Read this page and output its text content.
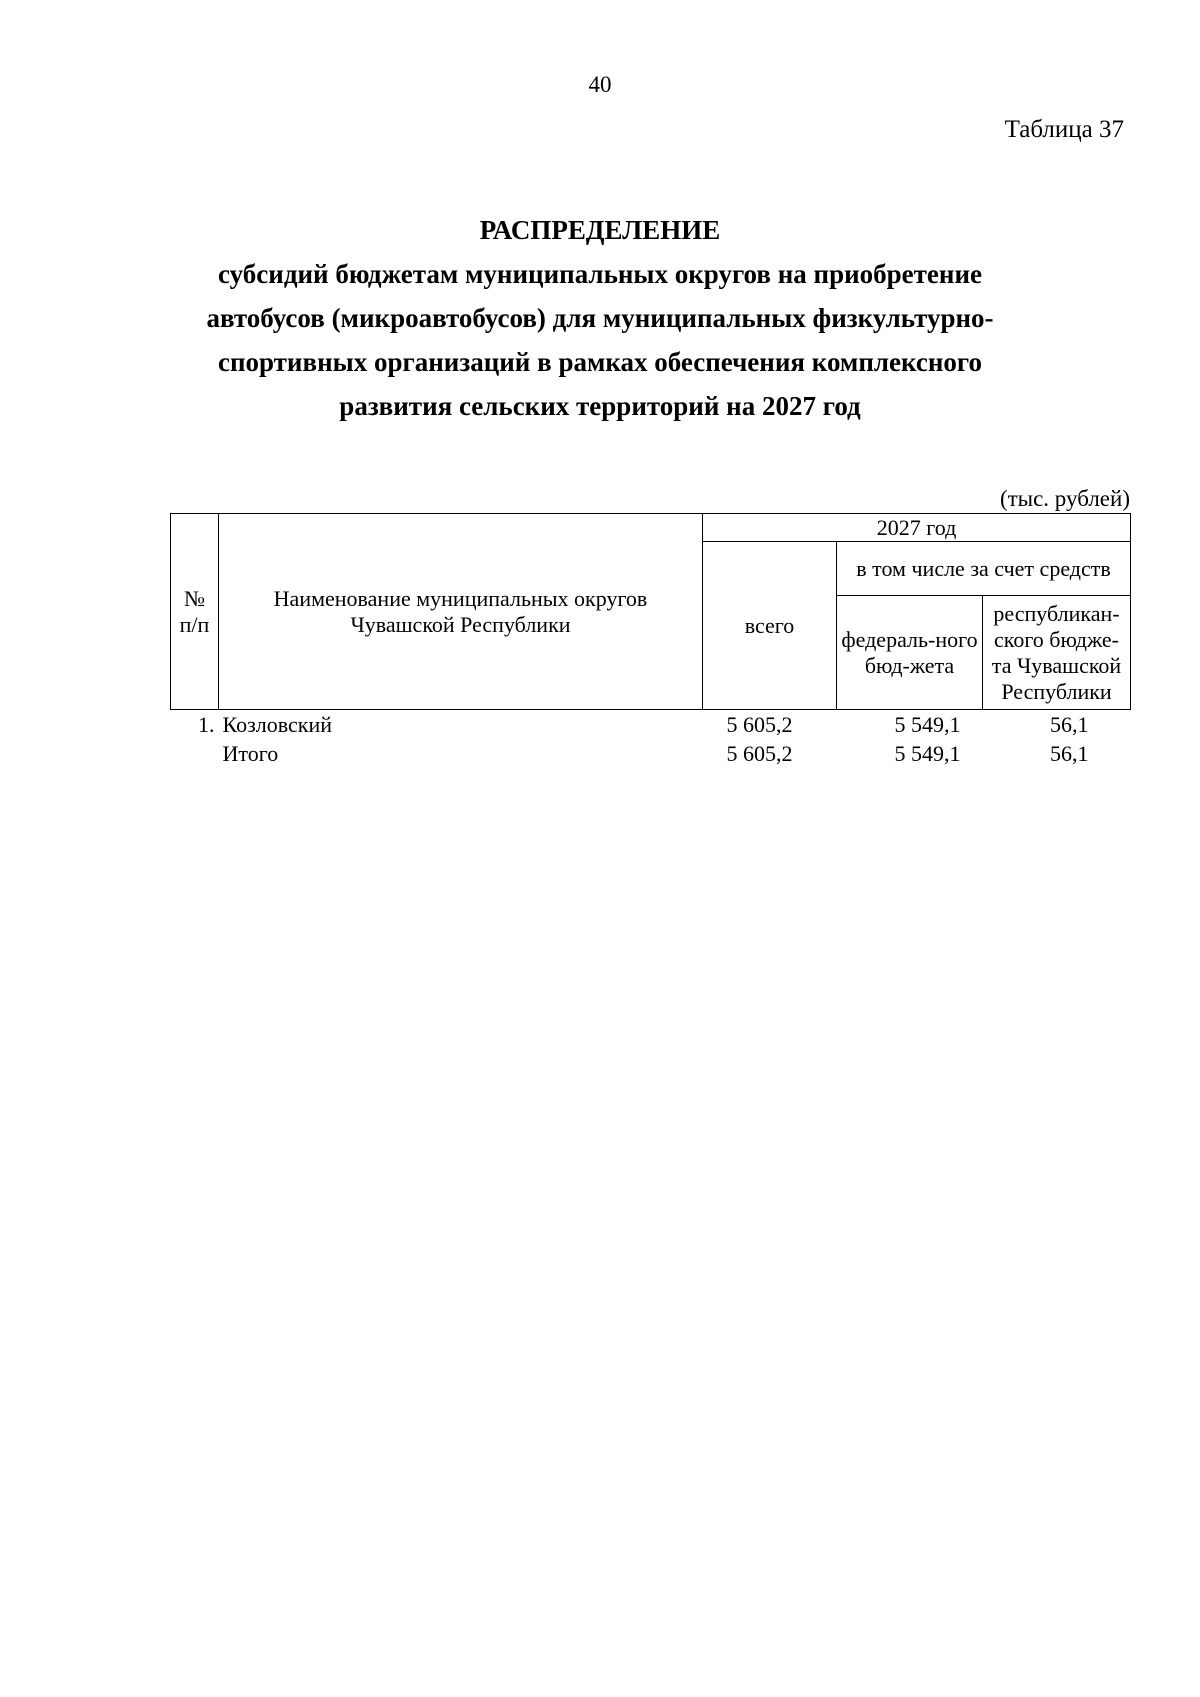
40
Таблица 37
РАСПРЕДЕЛЕНИЕ
субсидий бюджетам муниципальных округов на приобретение
автобусов (микроавтобусов) для муниципальных физкультурно-
спортивных организаций в рамках обеспечения комплексного
развития сельских территорий на 2027 год
(тыс. рублей)
№ п/п	Наименование муниципальных округов Чувашской Республики	2027 год		
		всего	в том числе за счет средств	
			федераль-ного бюд-жета	республикан-ского бюдже-та Чувашской Республики
1.	Козловский	5 605,2	5 549,1	56,1
	Итого	5 605,2	5 549,1	56,1
